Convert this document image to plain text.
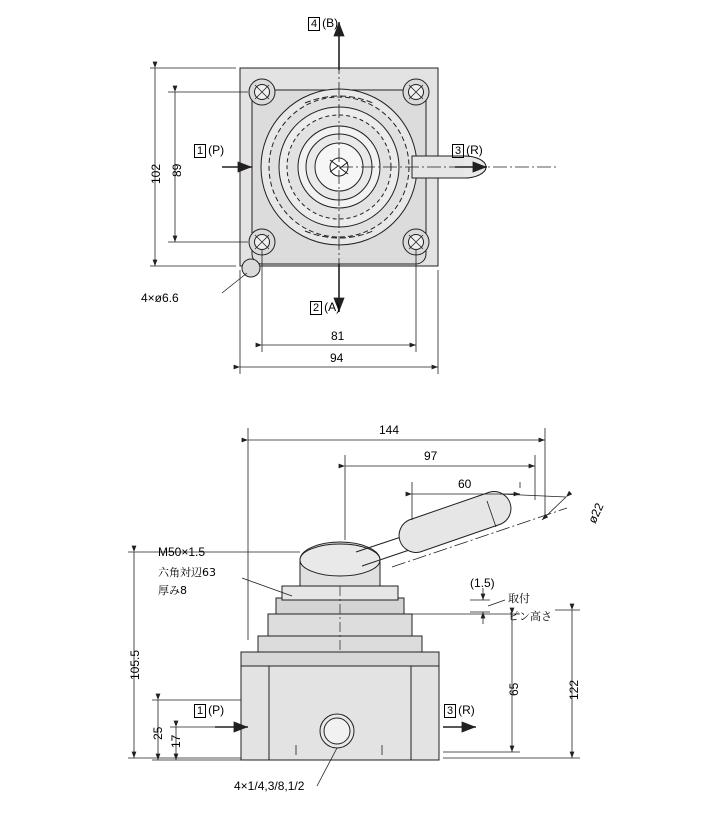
4 (B)
1 (P)	3 (R)
2 (A)
102 89
81
94
4×ø6.6
144
97
60
ø22
105.5
122
65
(1.5)
25
17
M50×1.5
六角対辺63
厚み8
取付
ピン高さ
4×1/4,3/8,1/2
1 (P)	3 (R)
